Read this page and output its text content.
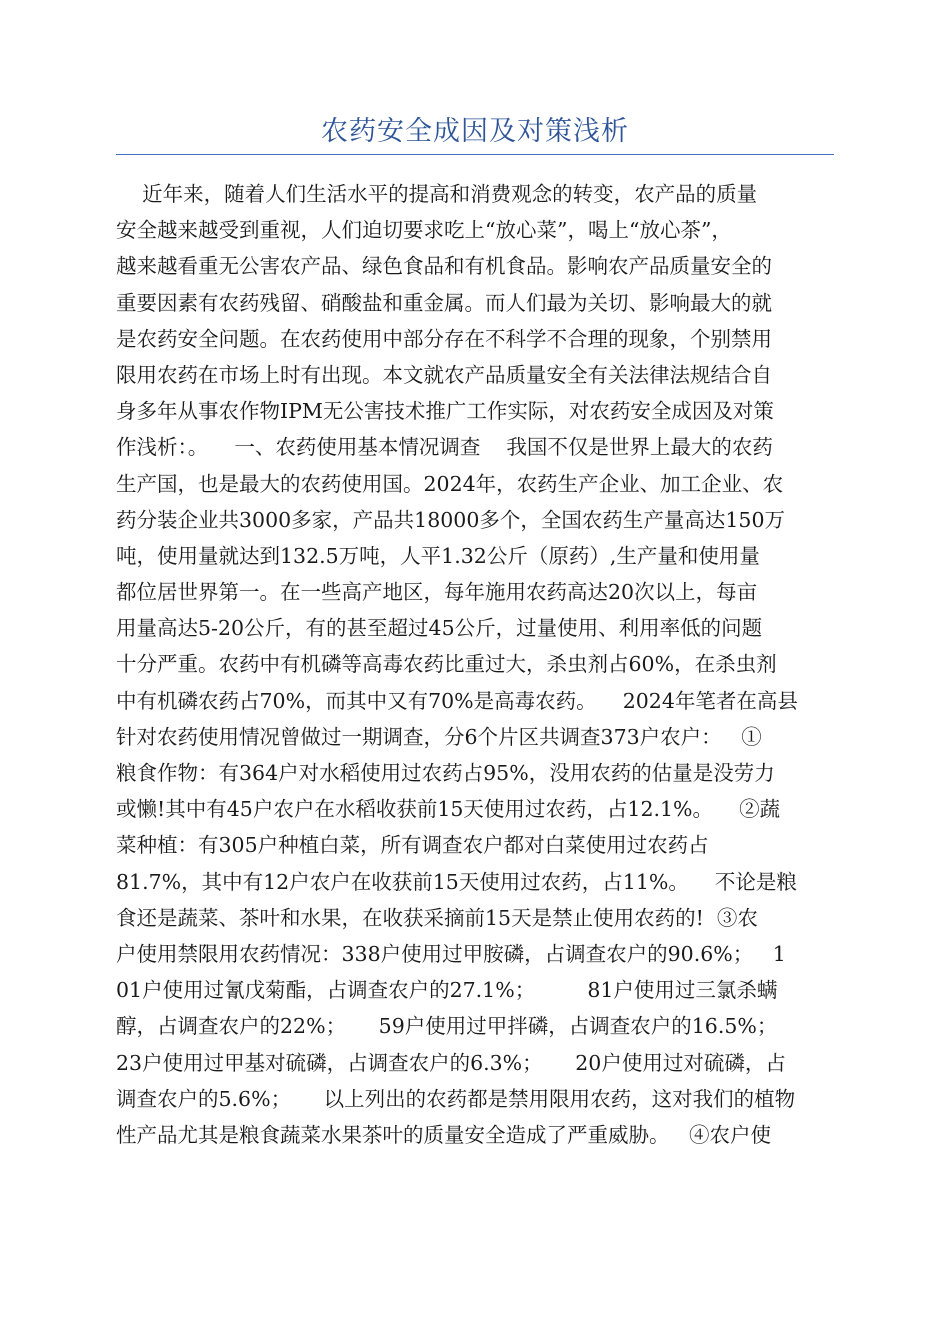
农药安全成因及对策浅析
近年来，随着人们生活水平的提高和消费观念的转变，农产品的质量
安全越来越受到重视，人们迫切要求吃上“放心菜”，喝上“放心茶”，
越来越看重无公害农产品、绿色食品和有机食品。影响农产品质量安全的
重要因素有农药残留、硝酸盐和重金属。而人们最为关切、影响最大的就
是农药安全问题。在农药使用中部分存在不科学不合理的现象，个别禁用
限用农药在市场上时有出现。本文就农产品质量安全有关法律法规结合自
身多年从事农作物IPM无公害技术推广工作实际，对农药安全成因及对策
作浅析：。    一、农药使用基本情况调查    我国不仅是世界上最大的农药
生产国，也是最大的农药使用国。2024年，农药生产企业、加工企业、农
药分装企业共3000多家，产品共18000多个，全国农药生产量高达150万
吨，使用量就达到132.5万吨，人平1.32公斤（原药）,生产量和使用量
都位居世界第一。在一些高产地区，每年施用农药高达20次以上，每亩
用量高达5-20公斤，有的甚至超过45公斤，过量使用、利用率低的问题
十分严重。农药中有机磷等高毒农药比重过大，杀虫剂占60%，在杀虫剂
中有机磷农药占70%，而其中又有70%是高毒农药。    2024年笔者在高县
针对农药使用情况曾做过一期调查，分6个片区共调查373户农户：   ①
粮食作物：有364户对水稻使用过农药占95%，没用农药的估量是没劳力
或懒!其中有45户农户在水稻收获前15天使用过农药，占12.1%。    ②蔬
菜种植：有305户种植白菜，所有调查农户都对白菜使用过农药占
81.7%，其中有12户农户在收获前15天使用过农药，占11%。    不论是粮
食还是蔬菜、茶叶和水果，在收获采摘前15天是禁止使用农药的!  ③农
户使用禁限用农药情况：338户使用过甲胺磷，占调查农户的90.6%；   1
01户使用过氰戊菊酯，占调查农户的27.1%；        81户使用过三氯杀螨
醇，占调查农户的22%；     59户使用过甲拌磷，占调查农户的16.5%；
23户使用过甲基对硫磷，占调查农户的6.3%；     20户使用过对硫磷，占
调查农户的5.6%；     以上列出的农药都是禁用限用农药，这对我们的植物
性产品尤其是粮食蔬菜水果茶叶的质量安全造成了严重威胁。   ④农户使
